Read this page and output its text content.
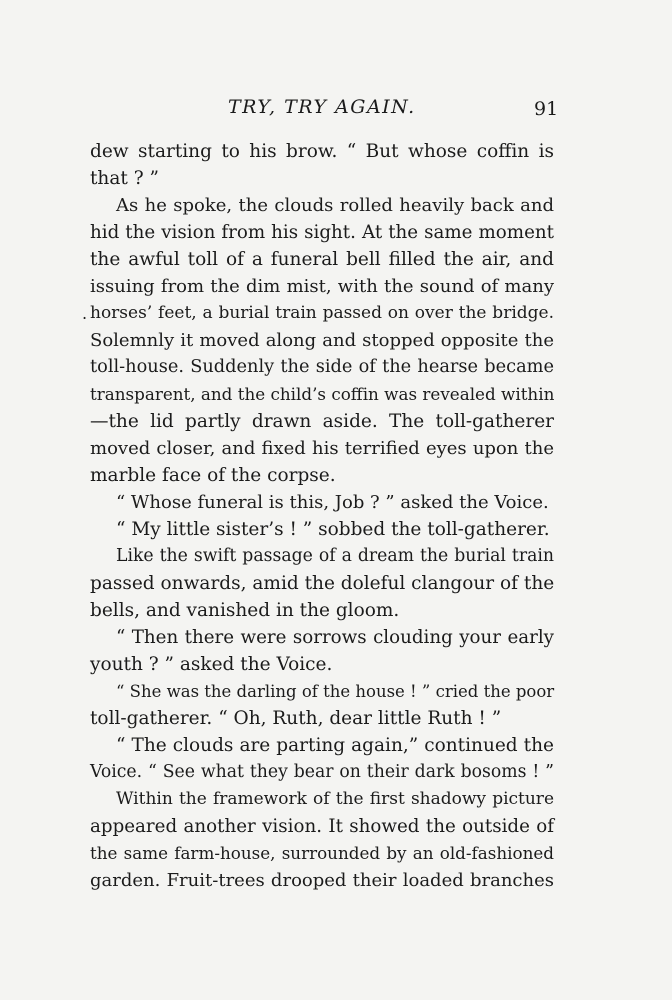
TRY, TRY AGAIN.	91
.
dew starting to his brow. “ But whose coffin is
that ? ”
As he spoke, the clouds rolled heavily back and
hid the vision from his sight. At the same moment
the awful toll of a funeral bell filled the air, and
issuing from the dim mist, with the sound of many
horses’ feet, a burial train passed on over the bridge.
Solemnly it moved along and stopped opposite the
toll-house. Suddenly the side of the hearse became
transparent, and the child’s coffin was revealed within
—the lid partly drawn aside. The toll-gatherer
moved closer, and fixed his terrified eyes upon the
marble face of the corpse.
“ Whose funeral is this, Job ? ” asked the Voice.
“ My little sister’s ! ” sobbed the toll-gatherer.
Like the swift passage of a dream the burial train
passed onwards, amid the doleful clangour of the
bells, and vanished in the gloom.
“ Then there were sorrows clouding your early
youth ? ” asked the Voice.
“ She was the darling of the house ! ” cried the poor
toll-gatherer. “ Oh, Ruth, dear little Ruth ! ”
“ The clouds are parting again,” continued the
Voice. “ See what they bear on their dark bosoms ! ”
Within the framework of the first shadowy picture
appeared another vision. It showed the outside of
the same farm-house, surrounded by an old-fashioned
garden. Fruit-trees drooped their loaded branches
